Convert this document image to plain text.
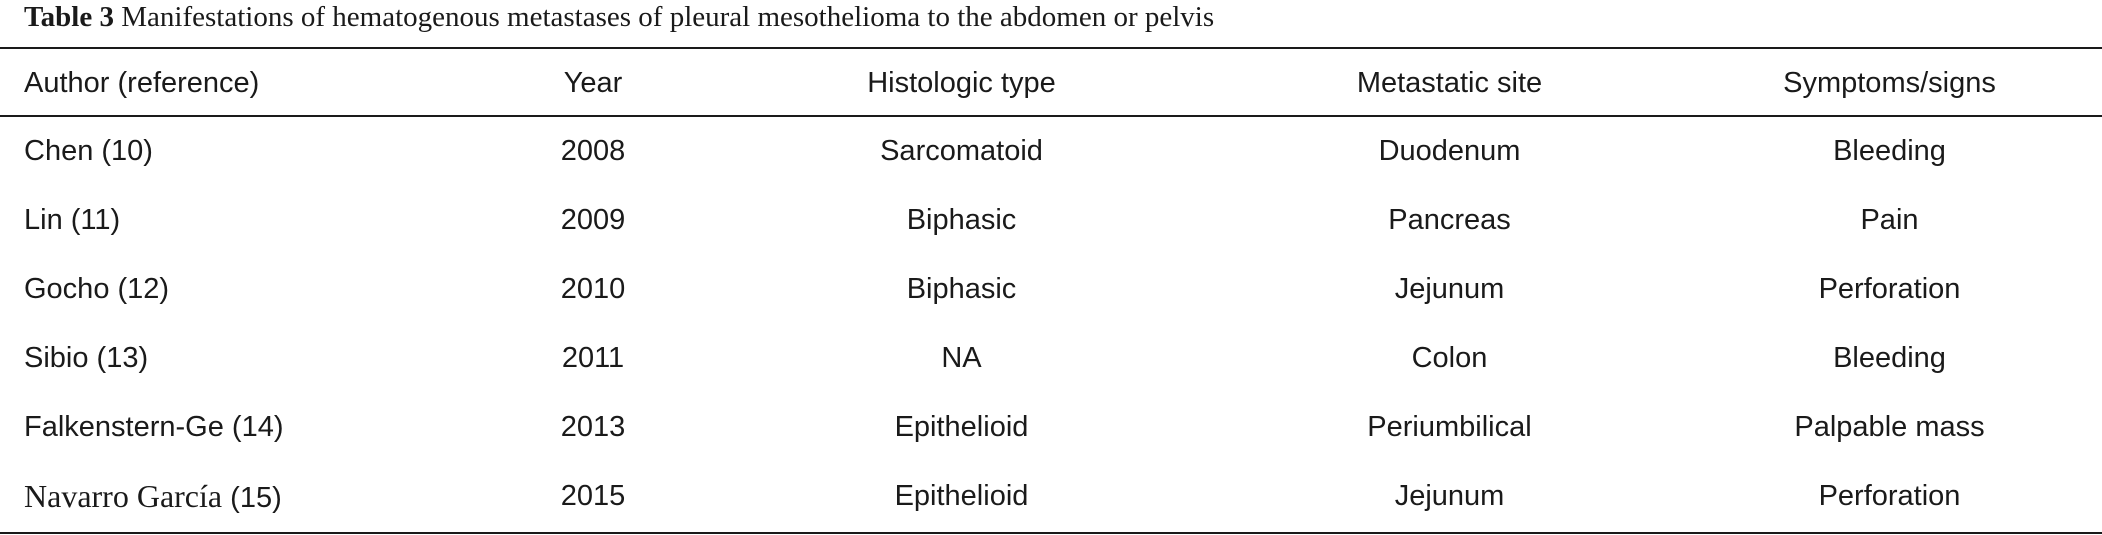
Table 3 Manifestations of hematogenous metastases of pleural mesothelioma to the abdomen or pelvis
Author (reference)	Year	Histologic type	Metastatic site	Symptoms/signs
Chen (10)	2008	Sarcomatoid	Duodenum	Bleeding
Lin (11)	2009	Biphasic	Pancreas	Pain
Gocho (12)	2010	Biphasic	Jejunum	Perforation
Sibio (13)	2011	NA	Colon	Bleeding
Falkenstern-Ge (14)	2013	Epithelioid	Periumbilical	Palpable mass
Navarro García (15)	2015	Epithelioid	Jejunum	Perforation
